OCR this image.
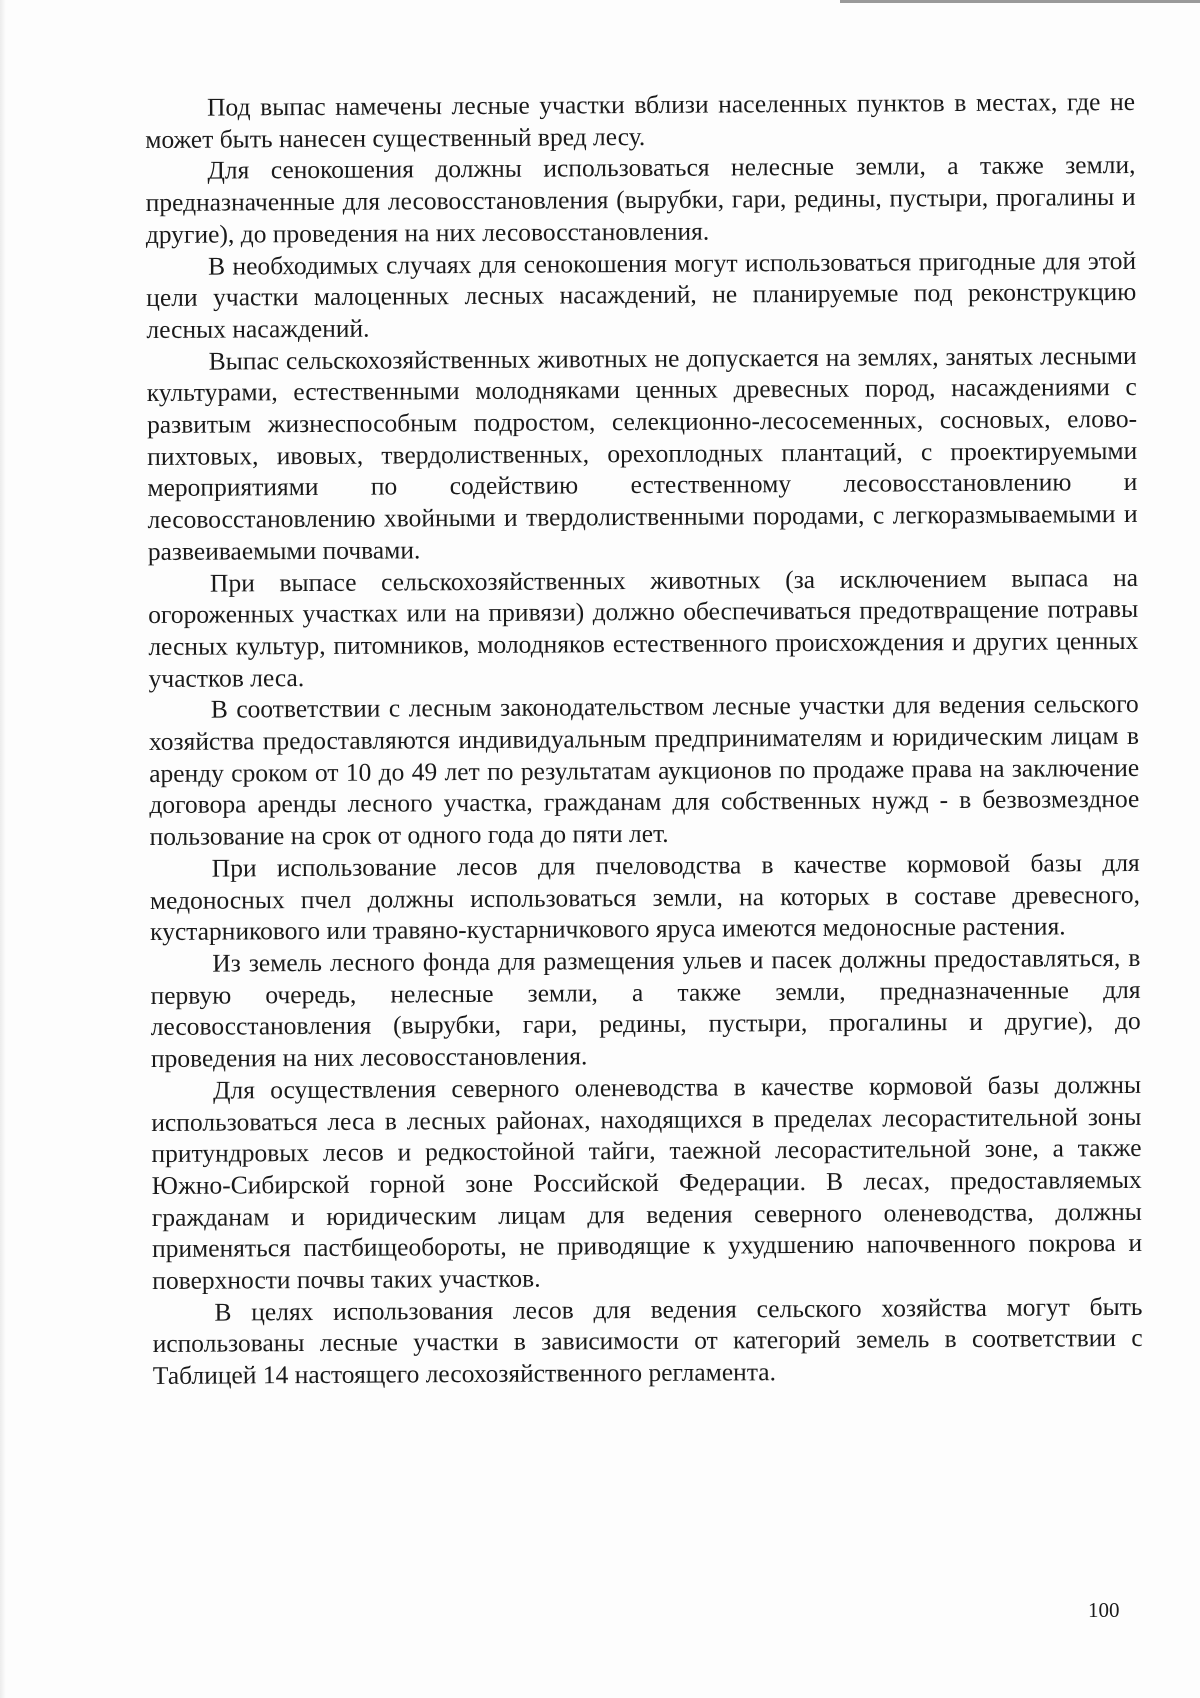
Под выпас намечены лесные участки вблизи населенных пунктов в местах, где не может быть нанесен существенный вред лесу.

Для сенокошения должны использоваться нелесные земли, а также земли, предназначенные для лесовосстановления (вырубки, гари, редины, пустыри, прогалины и другие), до проведения на них лесовосстановления.

В необходимых случаях для сенокошения могут использоваться пригодные для этой цели участки малоценных лесных насаждений, не планируемые под реконструкцию лесных насаждений.

Выпас сельскохозяйственных животных не допускается на землях, занятых лесными культурами, естественными молодняками ценных древесных пород, насаждениями с развитым жизнеспособным подростом, селекционно-лесосеменных, сосновых, елово-пихтовых, ивовых, твердолиственных, орехоплодных плантаций, с проектируемыми мероприятиями по содействию естественному лесовосстановлению и лесовосстановлению хвойными и твердолиственными породами, с легкоразмываемыми и развеиваемыми почвами.

При выпасе сельскохозяйственных животных (за исключением выпаса на огороженных участках или на привязи) должно обеспечиваться предотвращение потравы лесных культур, питомников, молодняков естественного происхождения и других ценных участков леса.

В соответствии с лесным законодательством лесные участки для ведения сельского хозяйства предоставляются индивидуальным предпринимателям и юридическим лицам в аренду сроком от 10 до 49 лет по результатам аукционов по продаже права на заключение договора аренды лесного участка, гражданам для собственных нужд - в безвозмездное пользование на срок от одного года до пяти лет.

При использование лесов для пчеловодства в качестве кормовой базы для медоносных пчел должны использоваться земли, на которых в составе древесного, кустарникового или травяно-кустарничкового яруса имеются медоносные растения.

Из земель лесного фонда для размещения ульев и пасек должны предоставляться, в первую очередь, нелесные земли, а также земли, предназначенные для лесовосстановления (вырубки, гари, редины, пустыри, прогалины и другие), до проведения на них лесовосстановления.

Для осуществления северного оленеводства в качестве кормовой базы должны использоваться леса в лесных районах, находящихся в пределах лесорастительной зоны притундровых лесов и редкостойной тайги, таежной лесорастительной зоне, а также Южно-Сибирской горной зоне Российской Федерации. В лесах, предоставляемых гражданам и юридическим лицам для ведения северного оленеводства, должны применяться пастбищеобороты, не приводящие к ухудшению напочвенного покрова и поверхности почвы таких участков.

В целях использования лесов для ведения сельского хозяйства могут быть использованы лесные участки в зависимости от категорий земель в соответствии с Таблицей 14 настоящего лесохозяйственного регламента.

100
